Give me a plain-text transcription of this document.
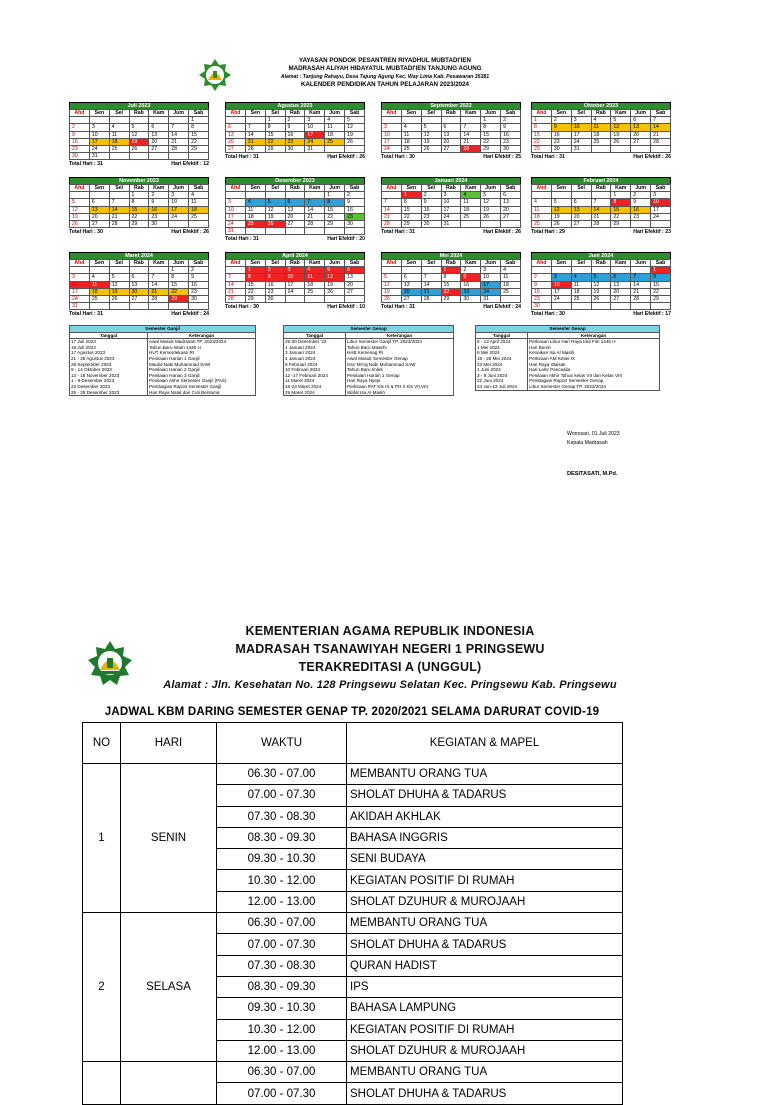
YAYASAN PONDOK PESANTREN RIYADHUL MUBTADI'IEN
MADRASAH ALIYAH HIDAYATUL MUBTADI'IEN TANJUNG AGUNG
Alamat : Tanjung Rahayu, Desa Tajung Agung Kec. Way Lima Kab. Pesawaran 35381
KALENDER PENDIDIKAN TAHUN PELAJARAN 2023/2024
Juli 2023
Ahd	Sen	Sel	Rab	Kam	Jum	Sab
						1
2	3	4	5	6	7	8
9	10	11	12	13	14	15
16	17	18	19	20	21	22
23	24	25	26	27	28	29
30	31					
Total Hari : 31	Hari Efektif : 12
Agustus 2023
Ahd	Sen	Sel	Rab	Kam	Jum	Sab
		1	2	3	4	5
6	7	8	9	10	11	12
13	14	15	16	17	18	19
20	21	22	23	24	25	26
27	28	29	30	31		
Total Hari : 31	Hari Efektif : 26
September 2023
Ahd	Sen	Sel	Rab	Kam	Jum	Sab
					1	2
3	4	5	6	7	8	9
10	11	12	13	14	15	16
17	18	19	20	21	22	23
24	25	26	27	28	29	30
Total Hari : 30	Hari Efektif : 25
Oktober 2023
Ahd	Sen	Sel	Rab	Kam	Jum	Sab
1	2	3	4	5	6	7
8	9	10	11	12	13	14
15	16	17	18	19	20	21
22	23	24	25	26	27	28
29	30	31				
Total Hari : 31	Hari Efektif : 26
November 2023
Ahd	Sen	Sel	Rab	Kam	Jum	Sab
			1	2	3	4
5	6	7	8	9	10	11
12	13	14	15	16	17	18
19	20	21	22	23	24	25
26	27	28	29	30		
Total Hari : 30	Hari Efektif : 26
Desember 2023
Ahd	Sen	Sel	Rab	Kam	Jum	Sab
					1	2
3	4	5	6	7	8	9
10	11	12	13	14	15	16
17	18	19	20	21	22	23
24	25	26	27	28	29	30
31						
Total Hari : 31	Hari Efektif : 20
Januari 2024
Ahd	Sen	Sel	Rab	Kam	Jum	Sab
	1	2	3	4	5	6
7	8	9	10	11	12	13
14	15	16	17	18	19	20
21	22	23	24	25	26	27
28	29	30	31			
Total Hari : 31	Hari Efektif : 26
Februari 2024
Ahd	Sen	Sel	Rab	Kam	Jum	Sab
				1	2	3
4	5	6	7	8	9	10
11	12	13	14	15	16	17
18	19	20	21	22	23	24
25	26	27	28	29		
Total Hari : 29	Hari Efektif : 23
Maret 2024
Ahd	Sen	Sel	Rab	Kam	Jum	Sab
					1	2
3	4	5	6	7	8	9
10	11	12	13	14	15	16
17	18	19	20	21	22	23
24	25	26	27	28	29	30
31						
Total Hari : 31	Hari Efektif : 24
April 2024
Ahd	Sen	Sel	Rab	Kam	Jum	Sab
	1	2	3	4	5	6
7	8	9	10	11	12	13
14	15	16	17	18	19	20
21	22	23	24	25	26	27
28	29	30				
Total Hari : 30	Hari Efektif : 10
Mei 2024
Ahd	Sen	Sel	Rab	Kam	Jum	Sab
			1	2	3	4
5	6	7	8	9	10	11
12	13	14	15	16	17	18
19	20	21	22	23	24	25
26	27	28	29	30	31	
Total Hari : 31	Hari Efektif : 24
Juni 2024
Ahd	Sen	Sel	Rab	Kam	Jum	Sab
						1
2	3	4	5	6	7	8
9	10	11	12	13	14	15
16	17	18	19	20	21	22
23	24	25	26	27	28	29
30						
Total Hari : 30	Hari Efektif : 17
Semester Ganjil	
Tanggal	Keterangan
17 Juli 2023	Awal Masuk Madrasah TP. 2023/2024
19 Juli 2023	Tahun Baru Islam 1445 H
17 Agustus 2023	HUT Kemerdekaan RI
21 - 26 Agustus 2023	Penilaian Harian 1 Ganjil
28 September 2023	Maulid Nabi Muhammad SAW
9 - 14 Oktober 2023	Penilaian Harian 2 Ganjil
13 - 18 November 2023	Penilaian Harian 3 Ganjil
1 - 9 Desember 2023	Penilaian Akhir Semester Ganjil (PAS)
23 Desember 2023	Pembagian Raport Semester Ganjil
25 - 26 Desember 2023	Hari Raya Natal dan Cuti Bersama
Semester Genap	
Tanggal	Keterangan
25-30 Desember '23	Libur Semester Ganjil TP. 2023/2024
1 Januari 2024	Tahun Baru Masehi
3 Januari 2024	HAB Kemenag RI
4 Januari 2024	Awal Masuk Semester Genap
8 Februari 2024	Isra' Mi'raj Nabi Muhammad SAW
10 Februari 2024	Tahun Baru Imlek
12 -17 Februari 2024	Penilaian Harian 1 Genap
11 Maret 2024	Hari Raya Nyepi
18-23 Maret 2024	Perkiraan PAT Kls IX & PH 2 Kls VII,VIII
29 Maret 2024	Wafat Isa Al Masih
Semester Genap	
Tanggal	Keterangan
8 - 13 April 2024	Perkiraan Libur Hari Raya Idul Fitri 1445 H
1 Mei 2024	Hari Buruh
9 Mei 2024	Kenaikan Isa Al Masih
18 - 25 Mei 2024	Perkiraan AM Kelas IX
23 Mei 2024	Hari Raya Waisak
1 Juni 2024	Hari Lahir Pancasila
3 - 8 Juni 2024	Penilaian Akhir Tahun kelas VII dan Kelas VIII
22 Juni 2024	Pembagian Raport Semester Genap
24 Jun-13 Juli 2024	Libur Semester Genap TP. 2023/2024
Wonosari, 01 Juli 2023
Kepala Madrasah
DESITASATI, M.Pd.
KEMENTERIAN AGAMA REPUBLIK INDONESIA
MADRASAH TSANAWIYAH NEGERI 1 PRINGSEWU
TERAKREDITASI A (UNGGUL)
Alamat : Jln. Kesehatan No. 128 Pringsewu Selatan Kec. Pringsewu Kab. Pringsewu
JADWAL KBM DARING SEMESTER GENAP TP. 2020/2021 SELAMA DARURAT COVID-19
NO	HARI	WAKTU	KEGIATAN & MAPEL
1	SENIN	06.30 - 07.00	MEMBANTU ORANG TUA
		07.00 - 07.30	SHOLAT DHUHA & TADARUS
		07.30 - 08.30	AKIDAH AKHLAK
		08.30 - 09.30	BAHASA INGGRIS
		09.30 - 10.30	SENI BUDAYA
		10.30 - 12.00	KEGIATAN POSITIF DI RUMAH
		12.00 - 13.00	SHOLAT DZUHUR & MUROJAAH
2	SELASA	06.30 - 07.00	MEMBANTU ORANG TUA
		07.00 - 07.30	SHOLAT DHUHA & TADARUS
		07.30 - 08.30	QURAN HADIST
		08.30 - 09.30	IPS
		09.30 - 10.30	BAHASA LAMPUNG
		10.30 - 12.00	KEGIATAN POSITIF DI RUMAH
		12.00 - 13.00	SHOLAT DZUHUR & MUROJAAH
		06.30 - 07.00	MEMBANTU ORANG TUA
		07.00 - 07.30	SHOLAT DHUHA & TADARUS
